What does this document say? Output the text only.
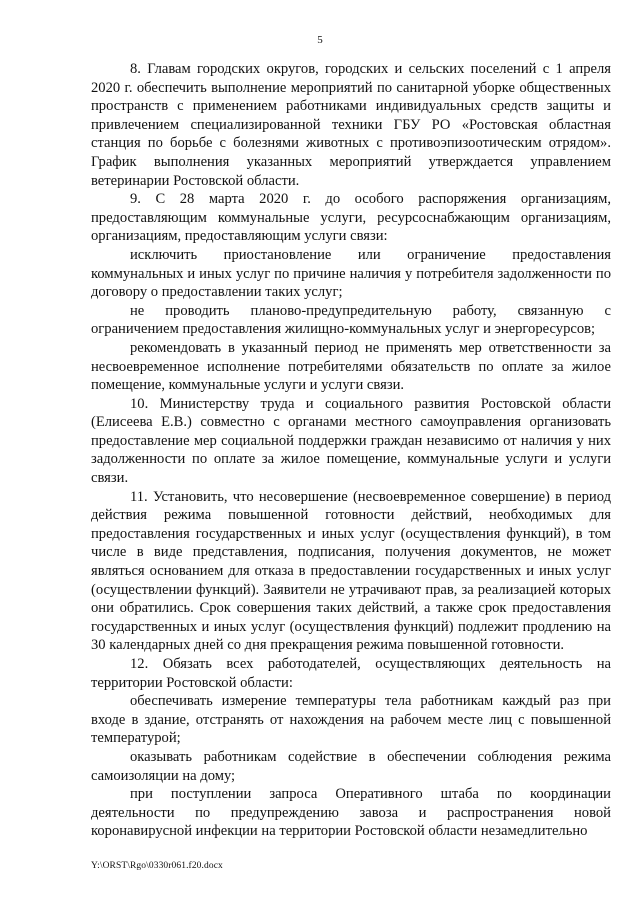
5

8. Главам городских округов, городских и сельских поселений с 1 апреля 2020 г. обеспечить выполнение мероприятий по санитарной уборке общественных пространств с применением работниками индивидуальных средств защиты и привлечением специализированной техники ГБУ РО «Ростовская областная станция по борьбе с болезнями животных с противоэпизоотическим отрядом». График выполнения указанных мероприятий утверждается управлением ветеринарии Ростовской области.

9. С 28 марта 2020 г. до особого распоряжения организациям, предоставляющим коммунальные услуги, ресурсоснабжающим организациям, организациям, предоставляющим услуги связи:

исключить приостановление или ограничение предоставления коммунальных и иных услуг по причине наличия у потребителя задолженности по договору о предоставлении таких услуг;

не проводить планово-предупредительную работу, связанную с ограничением предоставления жилищно-коммунальных услуг и энергоресурсов;

рекомендовать в указанный период не применять мер ответственности за несвоевременное исполнение потребителями обязательств по оплате за жилое помещение, коммунальные услуги и услуги связи.

10. Министерству труда и социального развития Ростовской области (Елисеева Е.В.) совместно с органами местного самоуправления организовать предоставление мер социальной поддержки граждан независимо от наличия у них задолженности по оплате за жилое помещение, коммунальные услуги и услуги связи.

11. Установить, что несовершение (несвоевременное совершение) в период действия режима повышенной готовности действий, необходимых для предоставления государственных и иных услуг (осуществления функций), в том числе в виде представления, подписания, получения документов, не может являться основанием для отказа в предоставлении государственных и иных услуг (осуществлении функций). Заявители не утрачивают прав, за реализацией которых они обратились. Срок совершения таких действий, а также срок предоставления государственных и иных услуг (осуществления функций) подлежит продлению на 30 календарных дней со дня прекращения режима повышенной готовности.

12. Обязать всех работодателей, осуществляющих деятельность на территории Ростовской области:

обеспечивать измерение температуры тела работникам каждый раз при входе в здание, отстранять от нахождения на рабочем месте лиц с повышенной температурой;

оказывать работникам содействие в обеспечении соблюдения режима самоизоляции на дому;

при поступлении запроса Оперативного штаба по координации деятельности по предупреждению завоза и распространения новой коронавирусной инфекции на территории Ростовской области незамедлительно

Y:\ORST\Rgo\0330r061.f20.docx
